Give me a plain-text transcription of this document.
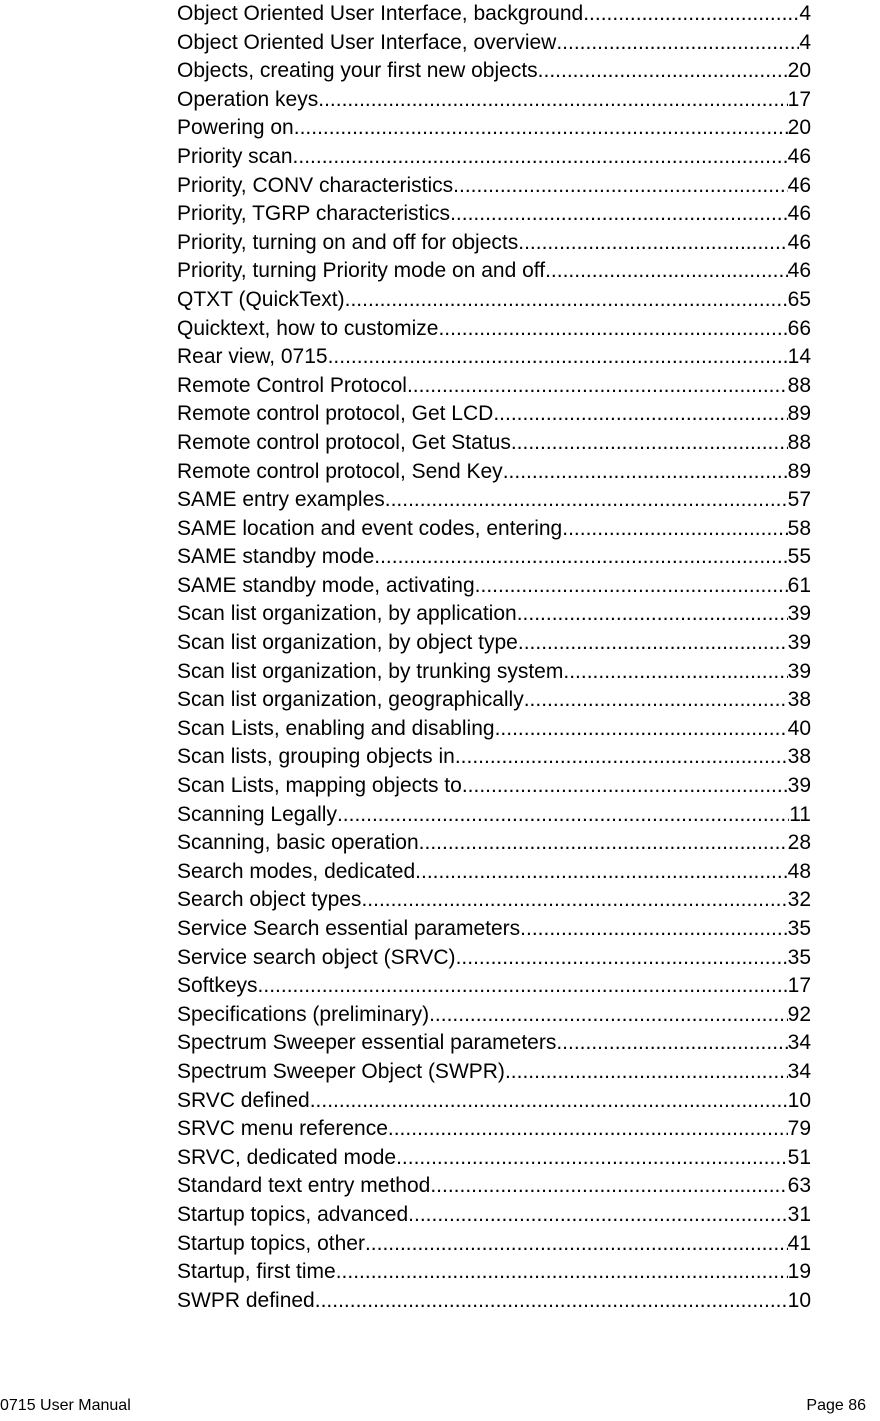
Object Oriented User Interface, background .....	4
Object Oriented User Interface, overview .....	4
Objects, creating your first new objects .....	20
Operation keys .....	17
Powering on .....	20
Priority scan .....	46
Priority, CONV characteristics .....	46
Priority, TGRP characteristics .....	46
Priority, turning on and off for objects .....	46
Priority, turning Priority mode on and off .....	46
QTXT (QuickText) .....	65
Quicktext, how to customize .....	66
Rear view, 0715 .....	14
Remote Control Protocol .....	88
Remote control protocol, Get LCD .....	89
Remote control protocol, Get Status .....	88
Remote control protocol, Send Key .....	89
SAME entry examples .....	57
SAME location and event codes, entering .....	58
SAME standby mode .....	55
SAME standby mode, activating .....	61
Scan list organization, by application .....	39
Scan list organization, by object type .....	39
Scan list organization, by trunking system .....	39
Scan list organization, geographically .....	38
Scan Lists, enabling and disabling .....	40
Scan lists, grouping objects in .....	38
Scan Lists, mapping objects to .....	39
Scanning Legally .....	11
Scanning, basic operation .....	28
Search modes, dedicated .....	48
Search object types .....	32
Service Search essential parameters .....	35
Service search object (SRVC) .....	35
Softkeys .....	17
Specifications (preliminary) .....	92
Spectrum Sweeper essential parameters .....	34
Spectrum Sweeper Object (SWPR) .....	34
SRVC defined .....	10
SRVC menu reference .....	79
SRVC, dedicated mode .....	51
Standard text entry method .....	63
Startup topics, advanced .....	31
Startup topics, other .....	41
Startup, first time .....	19
SWPR defined .....	10
0715 User Manual	Page 86
